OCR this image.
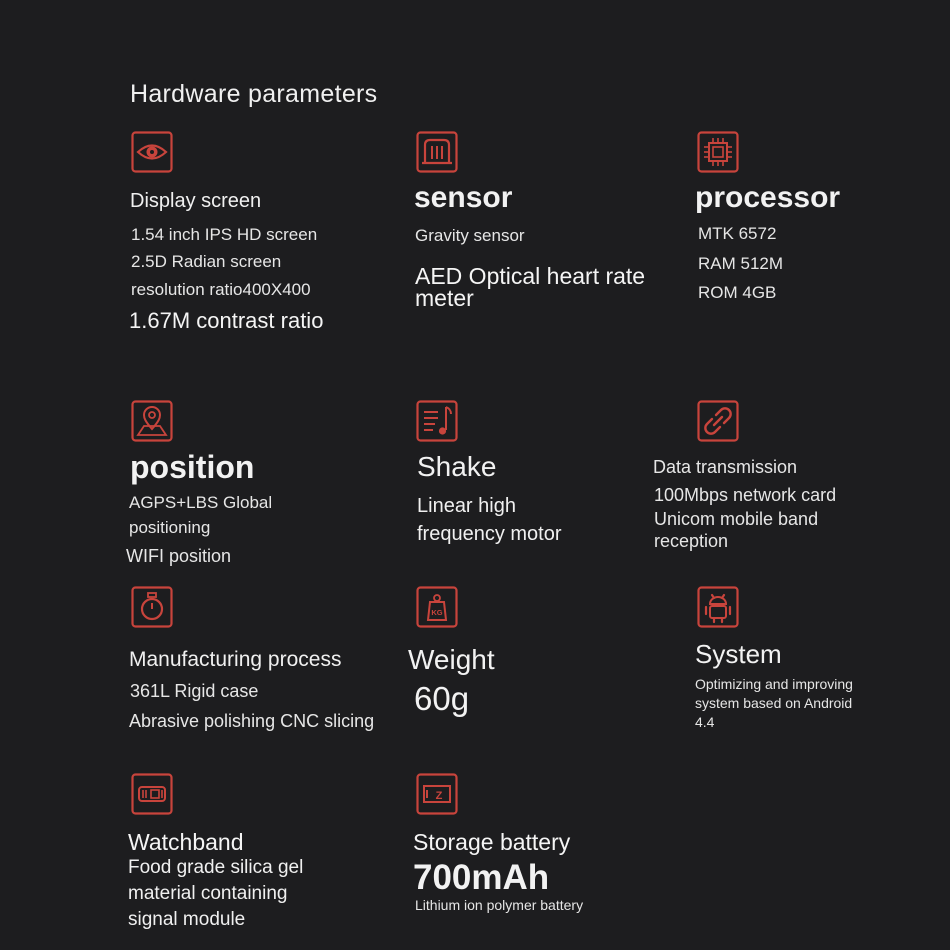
Hardware parameters
Display screen
1.54 inch IPS HD screen
2.5D Radian screen
resolution ratio400X400
1.67M contrast ratio
sensor
Gravity sensor
AED Optical heart rate meter
processor
MTK 6572
RAM 512M
ROM 4GB
position
AGPS+LBS Global positioning
WIFI position
Shake
Linear high frequency motor
Data transmission
100Mbps network card
Unicom mobile band reception
Manufacturing process
361L Rigid case
Abrasive polishing CNC slicing
KG
Weight
60g
System
Optimizing and improving system based on Android 4.4
Watchband
Food grade silica gel material containing signal module
Z
Storage battery
700mAh
Lithium ion polymer battery
